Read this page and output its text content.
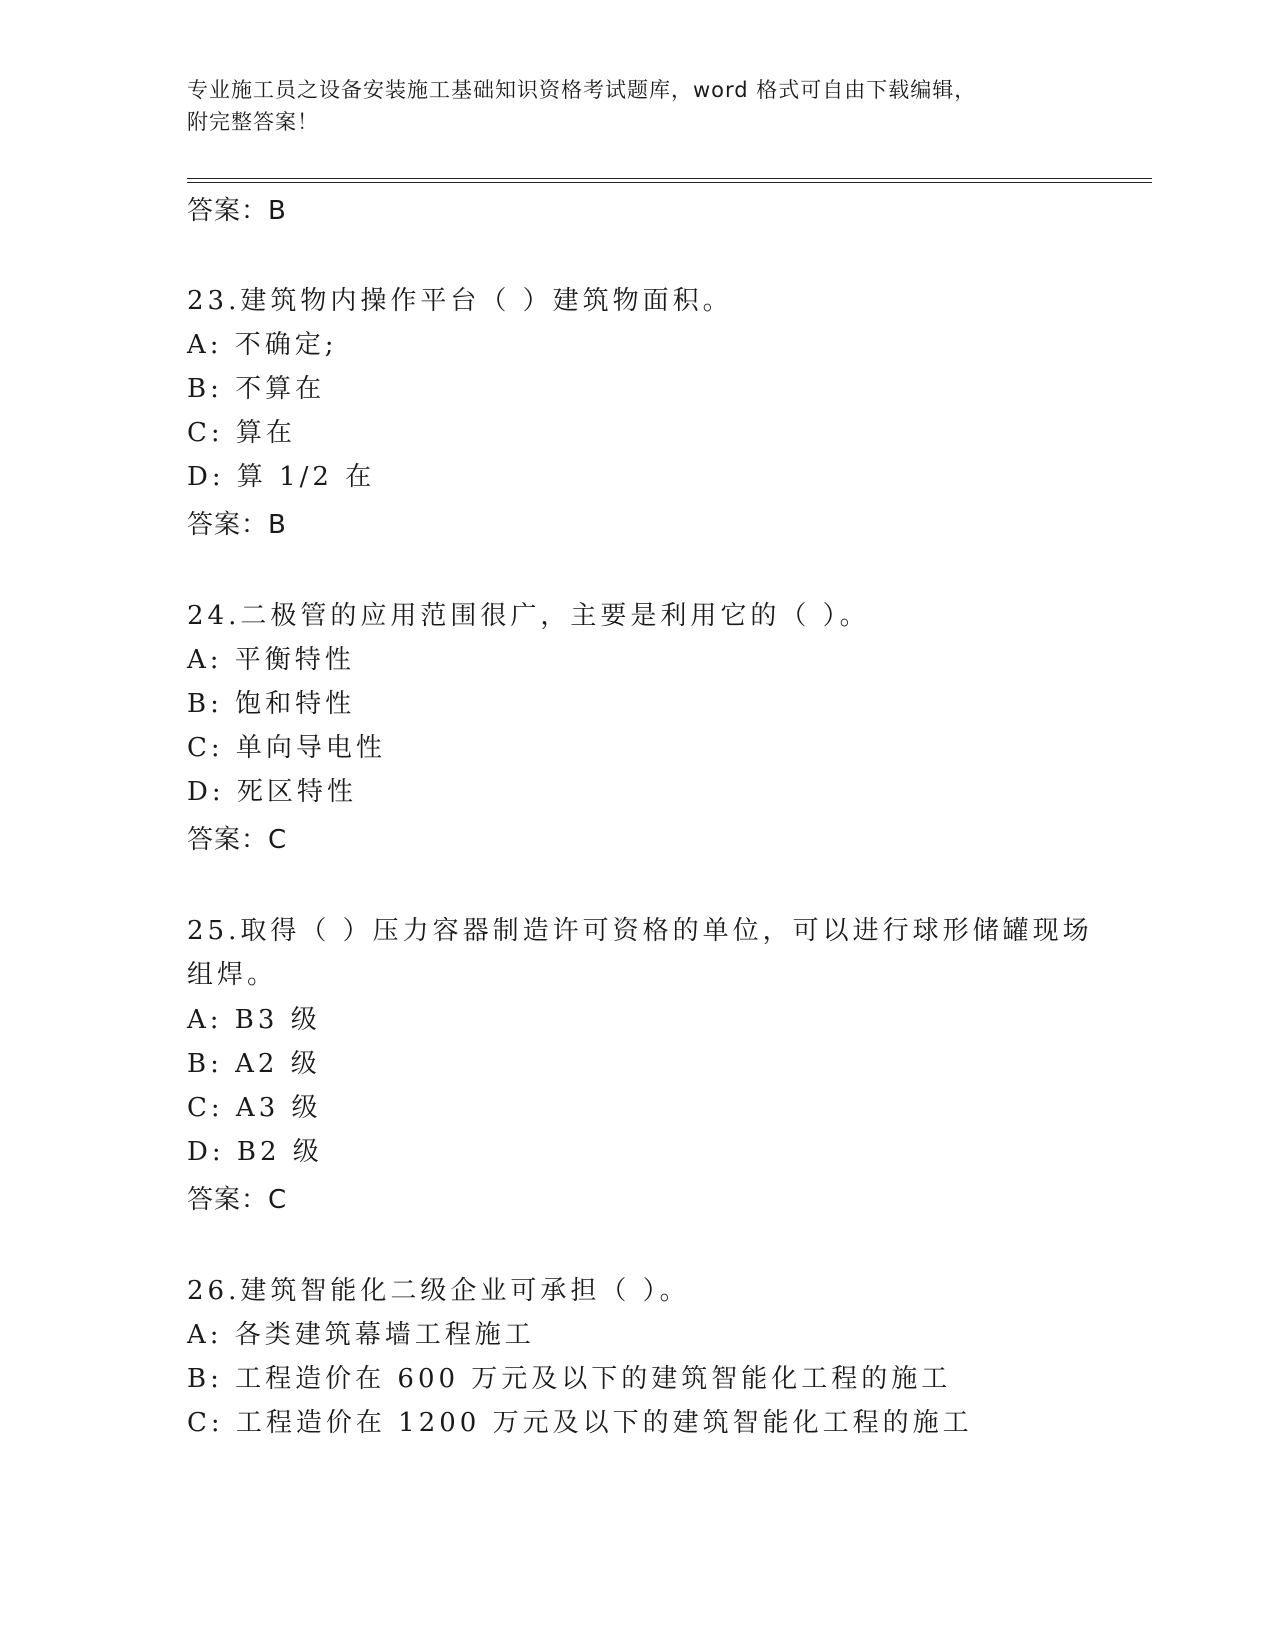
专业施工员之设备安装施工基础知识资格考试题库，word 格式可自由下载编辑，
附完整答案！
答案：B
23.建筑物内操作平台（ ）建筑物面积。
A: 不确定;
B: 不算在
C: 算在
D: 算 1/2 在
答案：B
24.二极管的应用范围很广，主要是利用它的（ ）。
A: 平衡特性
B: 饱和特性
C: 单向导电性
D: 死区特性
答案：C
25.取得（ ）压力容器制造许可资格的单位，可以进行球形储罐现场
组焊。
A: B3 级
B: A2 级
C: A3 级
D: B2 级
答案：C
26.建筑智能化二级企业可承担（ ）。
A: 各类建筑幕墙工程施工
B: 工程造价在 600 万元及以下的建筑智能化工程的施工
C: 工程造价在 1200 万元及以下的建筑智能化工程的施工
